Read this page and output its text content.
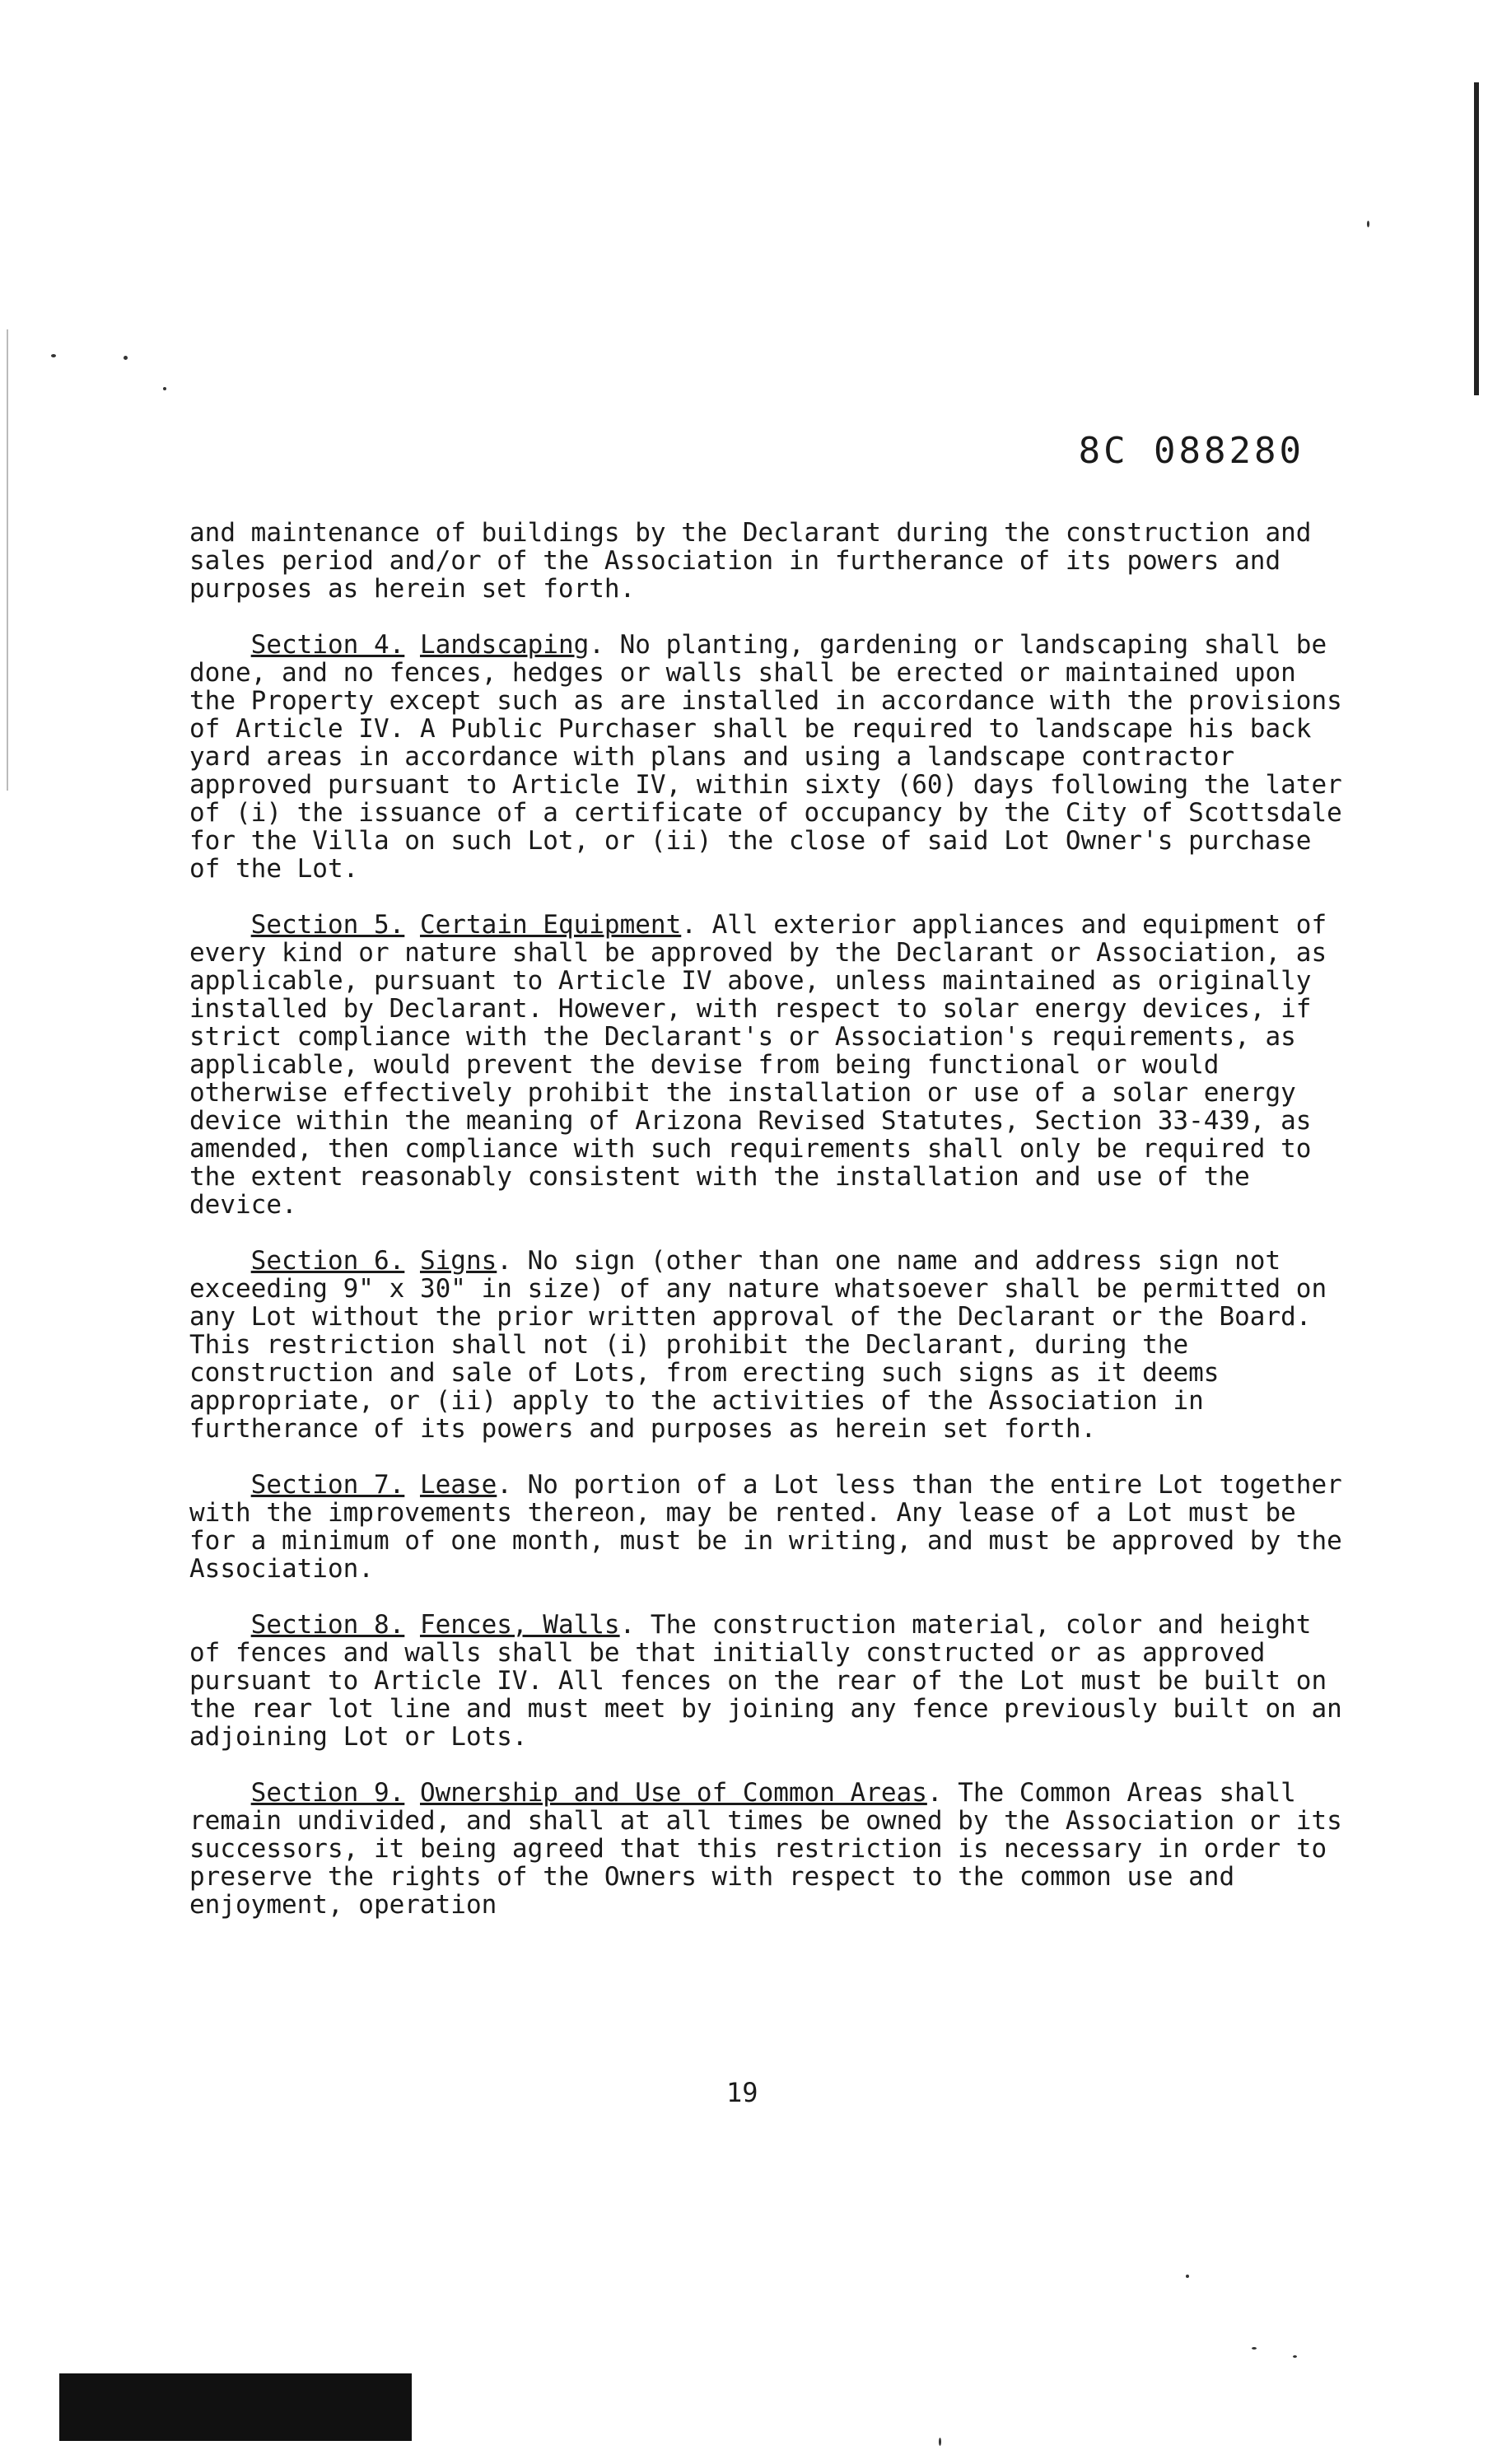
8C 088280

and maintenance of buildings by the Declarant during the construction and sales period and/or of the Association in furtherance of its powers and purposes as herein set forth.

Section 4. Landscaping. No planting, gardening or landscaping shall be done, and no fences, hedges or walls shall be erected or maintained upon the Property except such as are installed in accordance with the provisions of Article IV. A Public Purchaser shall be required to landscape his back yard areas in accordance with plans and using a landscape contractor approved pursuant to Article IV, within sixty (60) days following the later of (i) the issuance of a certificate of occupancy by the City of Scottsdale for the Villa on such Lot, or (ii) the close of said Lot Owner's purchase of the Lot.

Section 5. Certain Equipment. All exterior appliances and equipment of every kind or nature shall be approved by the Declarant or Association, as applicable, pursuant to Article IV above, unless maintained as originally installed by Declarant. However, with respect to solar energy devices, if strict compliance with the Declarant's or Association's requirements, as applicable, would prevent the devise from being functional or would otherwise effectively prohibit the installation or use of a solar energy device within the meaning of Arizona Revised Statutes, Section 33-439, as amended, then compliance with such requirements shall only be required to the extent reasonably consistent with the installation and use of the device.

Section 6. Signs. No sign (other than one name and address sign not exceeding 9" x 30" in size) of any nature whatsoever shall be permitted on any Lot without the prior written approval of the Declarant or the Board. This restriction shall not (i) prohibit the Declarant, during the construction and sale of Lots, from erecting such signs as it deems appropriate, or (ii) apply to the activities of the Association in furtherance of its powers and purposes as herein set forth.

Section 7. Lease. No portion of a Lot less than the entire Lot together with the improvements thereon, may be rented. Any lease of a Lot must be for a minimum of one month, must be in writing, and must be approved by the Association.

Section 8. Fences, Walls. The construction material, color and height of fences and walls shall be that initially constructed or as approved pursuant to Article IV. All fences on the rear of the Lot must be built on the rear lot line and must meet by joining any fence previously built on an adjoining Lot or Lots.

Section 9. Ownership and Use of Common Areas. The Common Areas shall remain undivided, and shall at all times be owned by the Association or its successors, it being agreed that this restriction is necessary in order to preserve the rights of the Owners with respect to the common use and enjoyment, operation

19
